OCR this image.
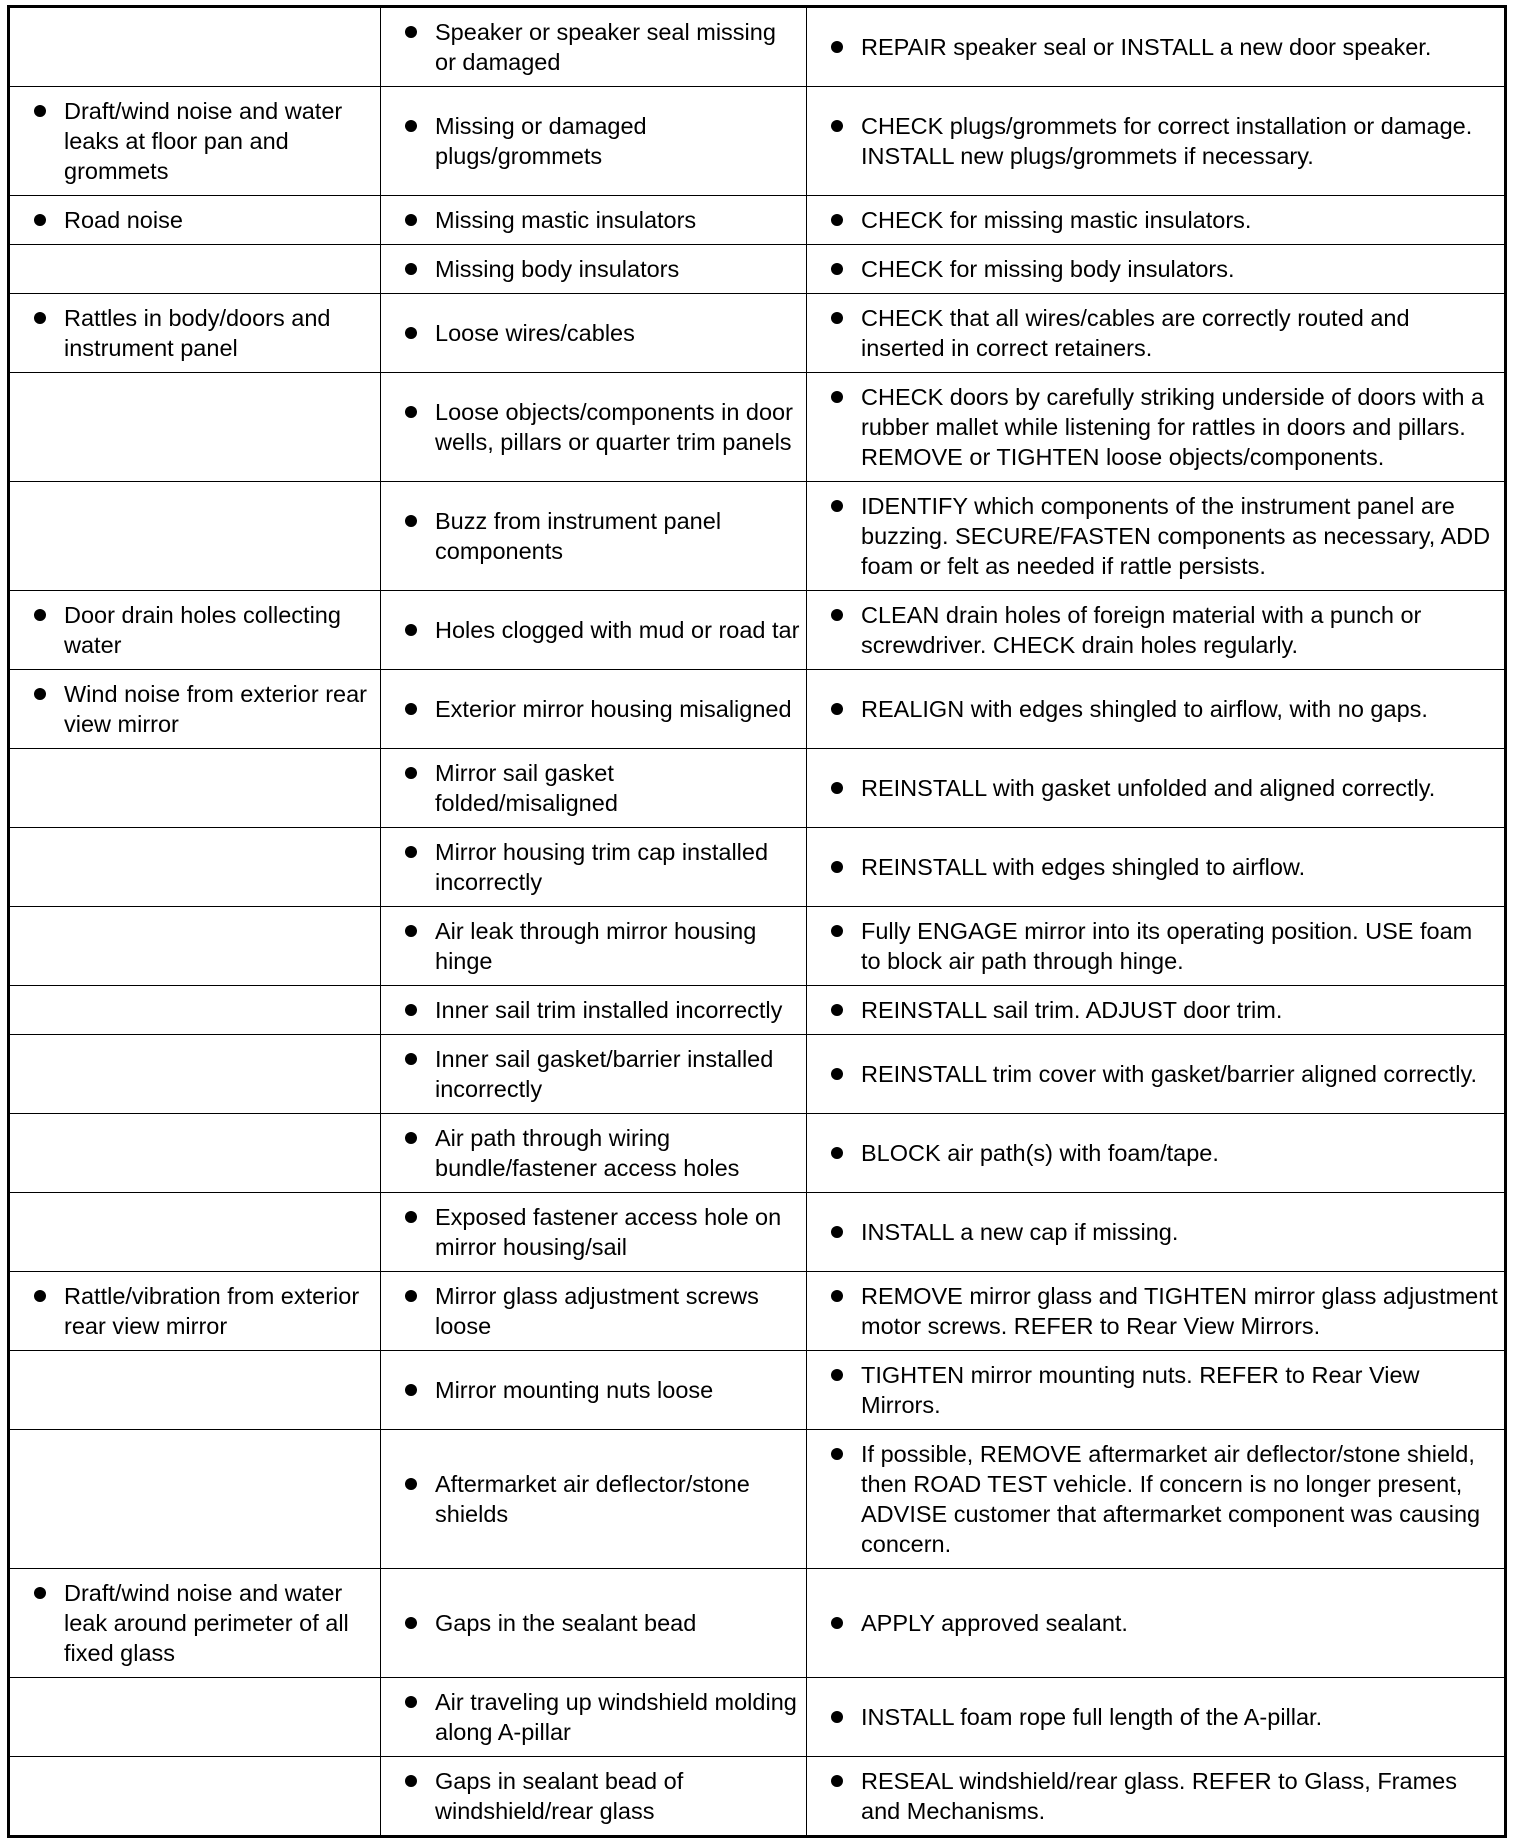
	Speaker or speaker seal missing or damaged	REPAIR speaker seal or INSTALL a new door speaker.

Draft/wind noise and water leaks at floor pan and grommets	Missing or damaged plugs/grommets	CHECK plugs/grommets for correct installation or damage. INSTALL new plugs/grommets if necessary.

Road noise	Missing mastic insulators	CHECK for missing mastic insulators.

	Missing body insulators	CHECK for missing body insulators.

Rattles in body/doors and instrument panel	Loose wires/cables	CHECK that all wires/cables are correctly routed and inserted in correct retainers.

	Loose objects/components in door wells, pillars or quarter trim panels	CHECK doors by carefully striking underside of doors with a rubber mallet while listening for rattles in doors and pillars. REMOVE or TIGHTEN loose objects/components.

	Buzz from instrument panel components	IDENTIFY which components of the instrument panel are buzzing. SECURE/FASTEN components as necessary, ADD foam or felt as needed if rattle persists.

Door drain holes collecting water	Holes clogged with mud or road tar	CLEAN drain holes of foreign material with a punch or screwdriver. CHECK drain holes regularly.

Wind noise from exterior rear view mirror	Exterior mirror housing misaligned	REALIGN with edges shingled to airflow, with no gaps.

	Mirror sail gasket folded/misaligned	REINSTALL with gasket unfolded and aligned correctly.

	Mirror housing trim cap installed incorrectly	REINSTALL with edges shingled to airflow.

	Air leak through mirror housing hinge	Fully ENGAGE mirror into its operating position. USE foam to block air path through hinge.

	Inner sail trim installed incorrectly	REINSTALL sail trim. ADJUST door trim.

	Inner sail gasket/barrier installed incorrectly	REINSTALL trim cover with gasket/barrier aligned correctly.

	Air path through wiring bundle/fastener access holes	BLOCK air path(s) with foam/tape.

	Exposed fastener access hole on mirror housing/sail	INSTALL a new cap if missing.

Rattle/vibration from exterior rear view mirror	Mirror glass adjustment screws loose	REMOVE mirror glass and TIGHTEN mirror glass adjustment motor screws. REFER to Rear View Mirrors.

	Mirror mounting nuts loose	TIGHTEN mirror mounting nuts. REFER to Rear View Mirrors.

	Aftermarket air deflector/stone shields	If possible, REMOVE aftermarket air deflector/stone shield, then ROAD TEST vehicle. If concern is no longer present, ADVISE customer that aftermarket component was causing concern.

Draft/wind noise and water leak around perimeter of all fixed glass	Gaps in the sealant bead	APPLY approved sealant.

	Air traveling up windshield molding along A-pillar	INSTALL foam rope full length of the A-pillar.

	Gaps in sealant bead of windshield/rear glass	RESEAL windshield/rear glass. REFER to Glass, Frames and Mechanisms.
